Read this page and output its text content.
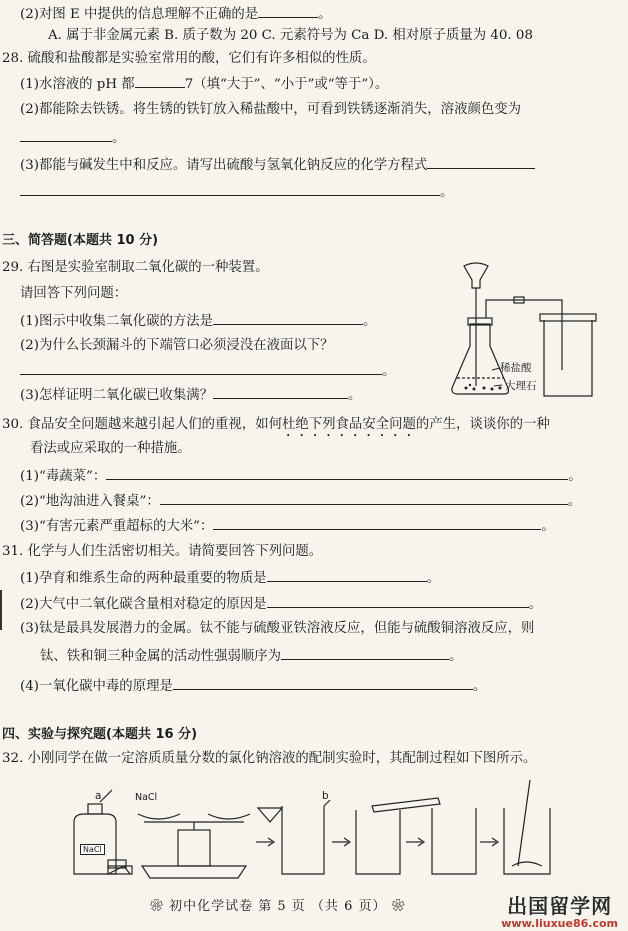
(2)对图 E 中提供的信息理解不正确的是	。
A. 属于非金属元素 B. 质子数为 20 C. 元素符号为 Ca D. 相对原子质量为 40. 08
28. 硫酸和盐酸都是实验室常用的酸，它们有许多相似的性质。
(1)水溶液的 pH 都	7（填“大于”、“小于”或“等于”）。
(2)都能除去铁锈。将生锈的铁钉放入稀盐酸中，可看到铁锈逐渐消失，溶液颜色变为
。
(3)都能与碱发生中和反应。请写出硫酸与氢氧化钠反应的化学方程式
。
三、简答题(本题共 10 分)
29. 右图是实验室制取二氧化碳的一种装置。
请回答下列问题：
(1)图示中收集二氧化碳的方法是	。
(2)为什么长颈漏斗的下端管口必须浸没在液面以下？
。
(3)怎样证明二氧化碳已收集满？	。
稀盐酸
大理石
30. 食品安全问题越来越引起人们的重视，如何杜绝下列食品安全问题的产生，谈谈你的一种
看法或应采取的一种措施。
(1)“毒蔬菜”：	。
(2)“地沟油进入餐桌”：	。
(3)“有害元素严重超标的大米”：	。
31. 化学与人们生活密切相关。请简要回答下列问题。
(1)孕育和维系生命的两种最重要的物质是	。
(2)大气中二氧化碳含量相对稳定的原因是	。
(3)钛是最具发展潜力的金属。钛不能与硫酸亚铁溶液反应，但能与硫酸铜溶液反应，则
钛、铁和铜三种金属的活动性强弱顺序为	。
(4)一氧化碳中毒的原理是	。
四、实验与探究题(本题共 16 分)
32. 小刚同学在做一定溶质质量分数的氯化钠溶液的配制实验时，其配制过程如下图所示。
a	NaCl
NaCl
b
❀ 初中化学试卷 第 5 页 （共 6 页） ❀	出国留学网
www.liuxue86.com
